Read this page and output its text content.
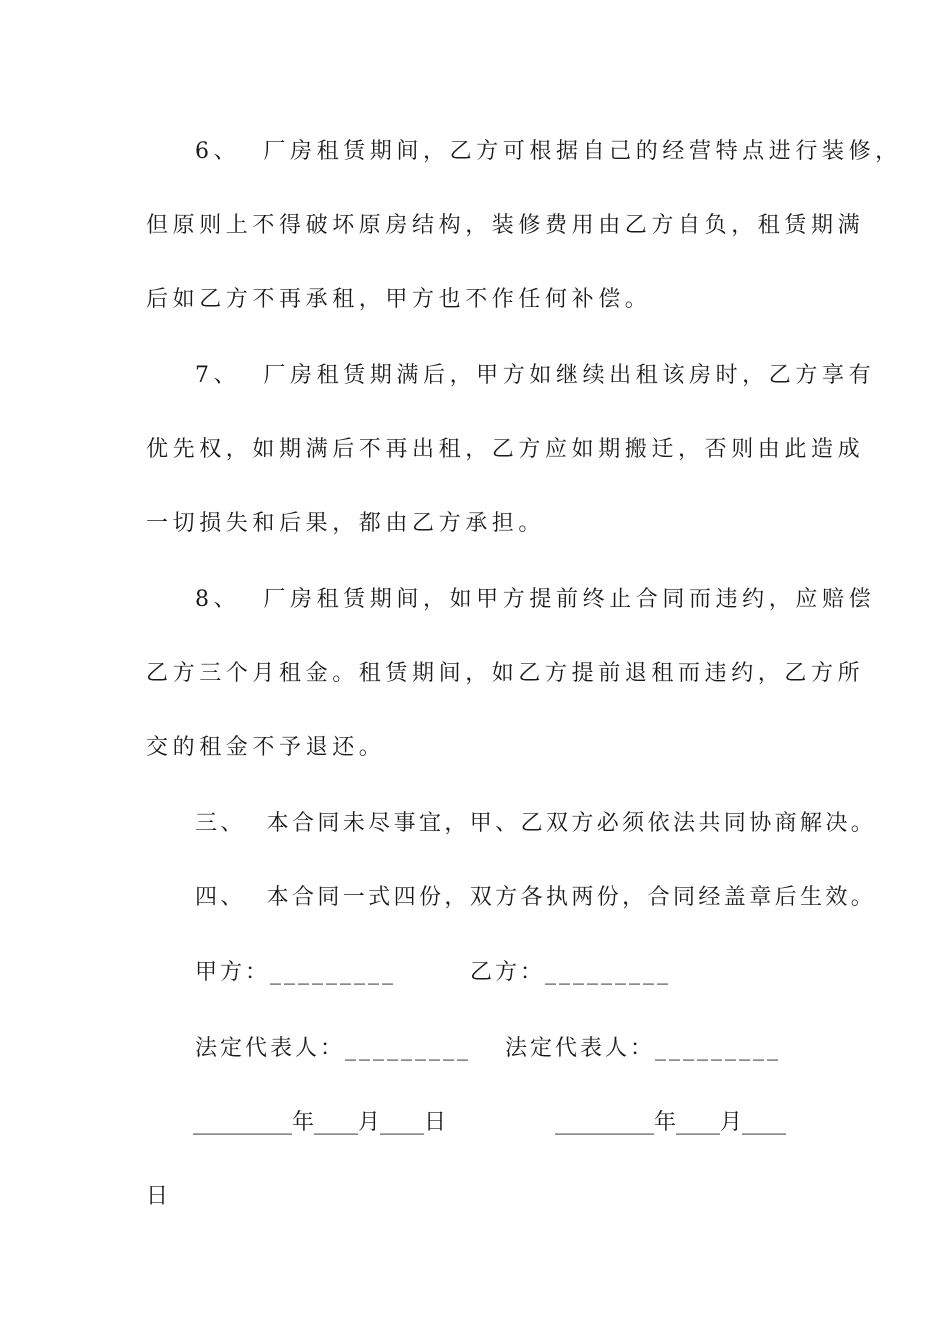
6、  厂房租赁期间，乙方可根据自己的经营特点进行装修，
但原则上不得破坏原房结构，装修费用由乙方自负，租赁期满
后如乙方不再承租，甲方也不作任何补偿。
7、  厂房租赁期满后，甲方如继续出租该房时，乙方享有
优先权，如期满后不再出租，乙方应如期搬迁，否则由此造成
一切损失和后果，都由乙方承担。
8、  厂房租赁期间，如甲方提前终止合同而违约，应赔偿
乙方三个月租金。租赁期间，如乙方提前退租而违约，乙方所
交的租金不予退还。
三、  本合同未尽事宜，甲、乙双方必须依法共同协商解决。
四、  本合同一式四份，双方各执两份，合同经盖章后生效。
甲方：_________	乙方：_________
法定代表人：_________ 法定代表人：_________
_________年____月____日	_________年____月____
日
